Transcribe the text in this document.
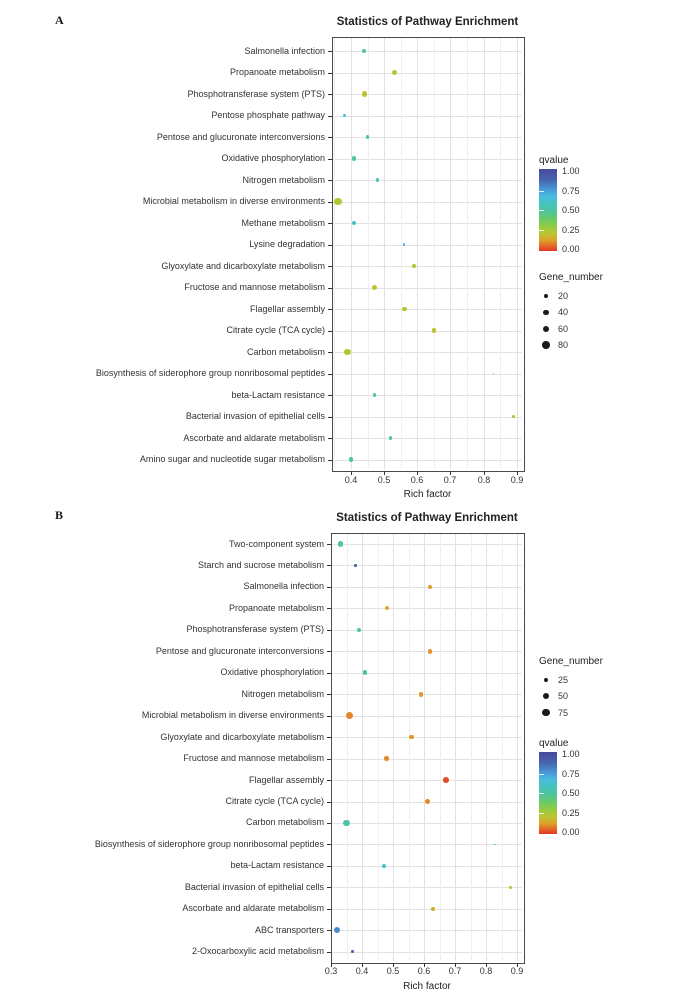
A	Statistics of Pathway Enrichment
Salmonella infection
Propanoate metabolism
Phosphotransferase system (PTS)
Pentose phosphate pathway
Pentose and glucuronate interconversions
Oxidative phosphorylation
Nitrogen metabolism
Microbial metabolism in diverse environments
Methane metabolism
Lysine degradation
Glyoxylate and dicarboxylate metabolism
Fructose and mannose metabolism
Flagellar assembly
Citrate cycle (TCA cycle)
Carbon metabolism
Biosynthesis of siderophore group nonribosomal peptides
beta-Lactam resistance
Bacterial invasion of epithelial cells
Ascorbate and aldarate metabolism
Amino sugar and nucleotide sugar metabolism
0.4	0.5	0.6	0.7	0.8	0.9
Rich factor
qvalue
1.00
0.75
0.50
0.25
0.00
Gene_number
20
40
60
80
B	Statistics of Pathway Enrichment
Two-component system
Starch and sucrose metabolism
Salmonella infection
Propanoate metabolism
Phosphotransferase system (PTS)
Pentose and glucuronate interconversions
Oxidative phosphorylation
Nitrogen metabolism
Microbial metabolism in diverse environments
Glyoxylate and dicarboxylate metabolism
Fructose and mannose metabolism
Flagellar assembly
Citrate cycle (TCA cycle)
Carbon metabolism
Biosynthesis of siderophore group nonribosomal peptides
beta-Lactam resistance
Bacterial invasion of epithelial cells
Ascorbate and aldarate metabolism
ABC transporters
2-Oxocarboxylic acid metabolism
0.3	0.4	0.5	0.6	0.7	0.8	0.9
Rich factor
Gene_number
25
50
75
qvalue
1.00
0.75
0.50
0.25
0.00
